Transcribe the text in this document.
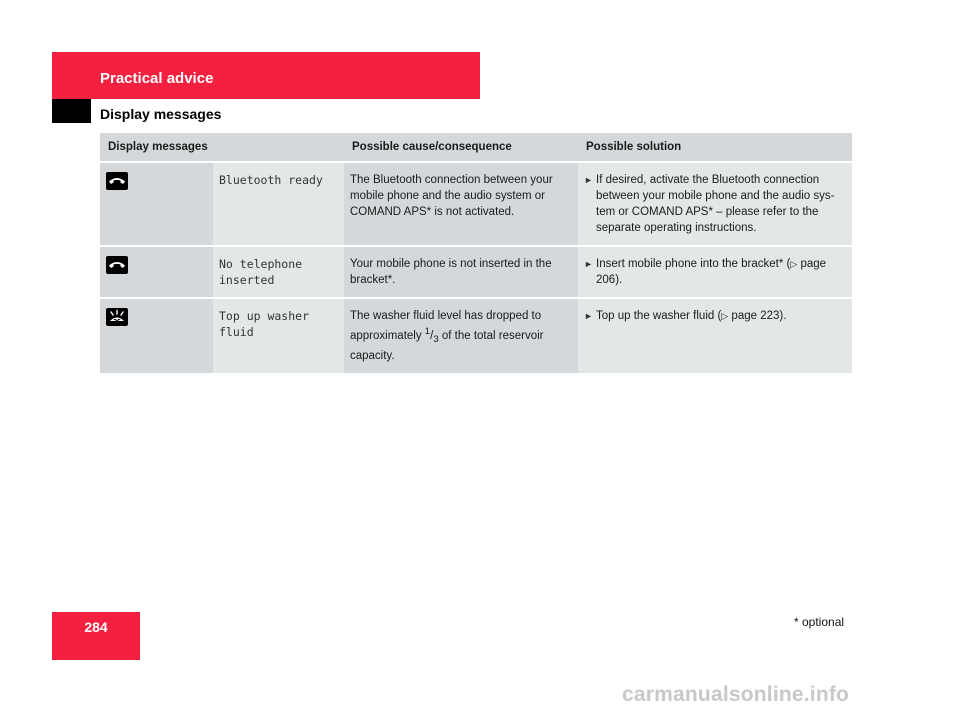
Practical advice
Display messages
Display messages		Possible cause/consequence	Possible solution

	Bluetooth ready	The Bluetooth connection between your mobile phone and the audio system or COMAND APS* is not activated.	► If desired, activate the Bluetooth connection between your mobile phone and the audio sys- tem or COMAND APS* – please refer to the separate operating instructions.

	No telephone inserted	Your mobile phone is not inserted in the bracket*.	► Insert mobile phone into the bracket* (▷ page 206).

	Top up washer fluid	The washer fluid level has dropped to approximately $^1/_3$ of the total reservoir capacity.	► Top up the washer fluid (▷ page 223).
284	* optional
carmanualsonline.info
